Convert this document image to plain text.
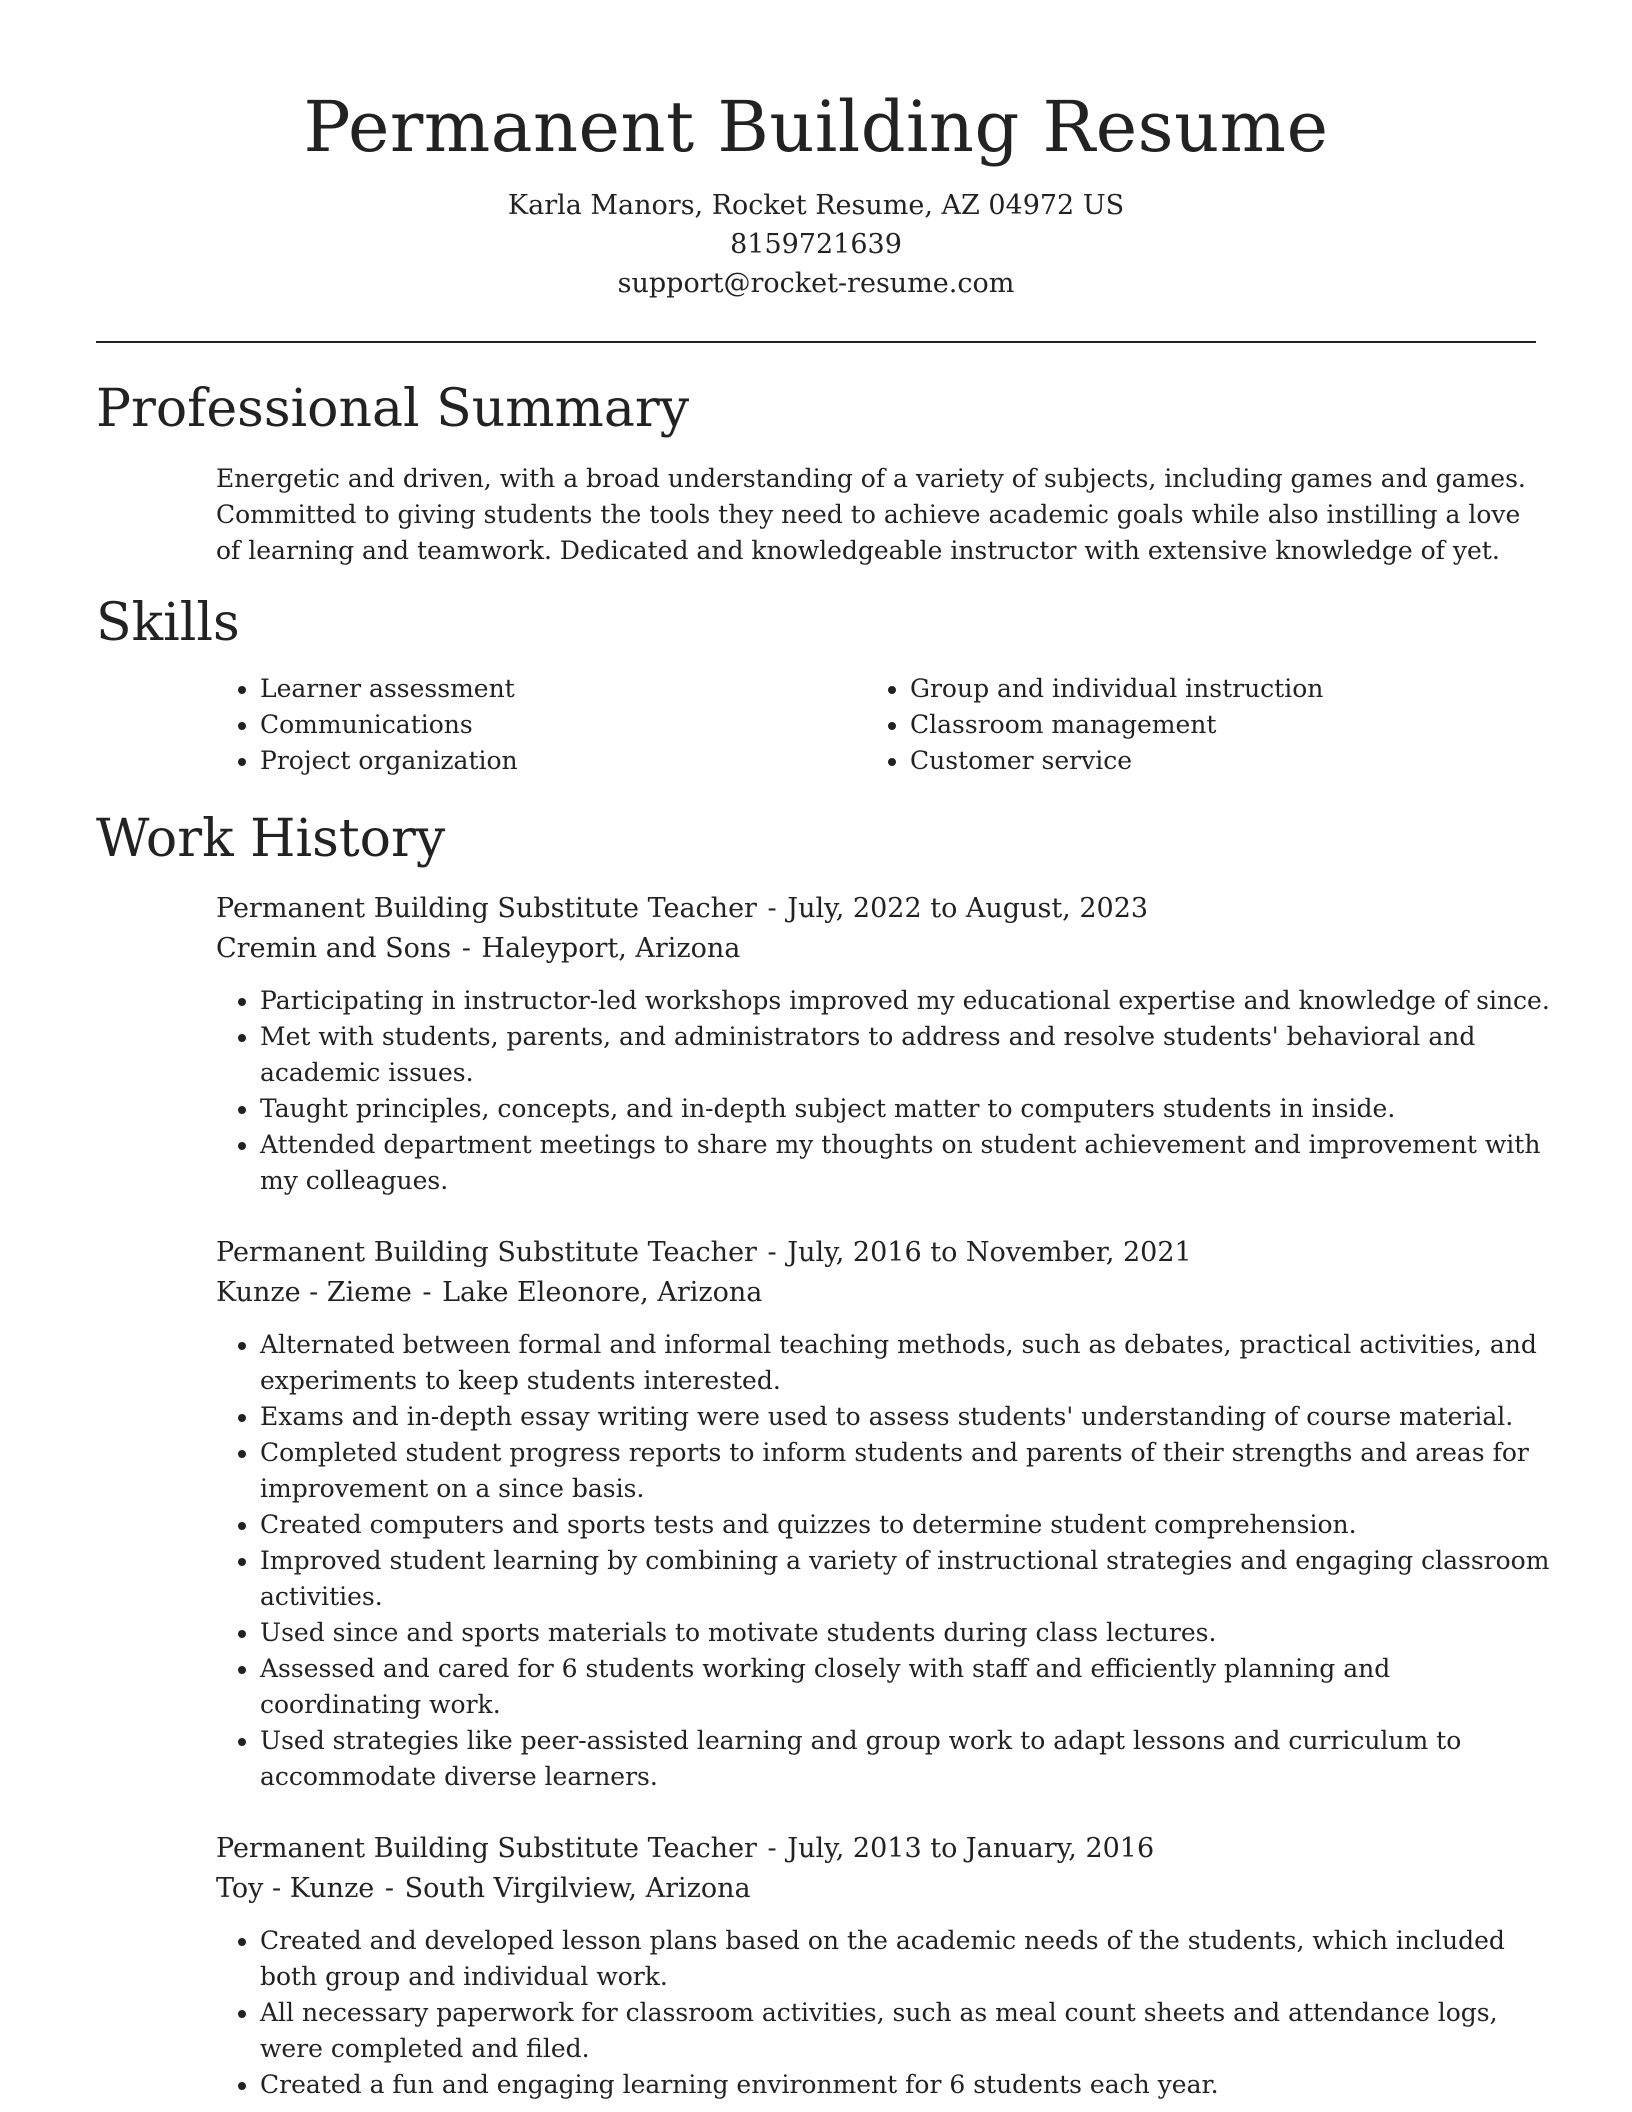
Permanent Building Resume
Karla Manors, Rocket Resume, AZ 04972 US
8159721639
support@rocket-resume.com
Professional Summary

Energetic and driven, with a broad understanding of a variety of subjects, including games and games. Committed to giving students the tools they need to achieve academic goals while also instilling a love of learning and teamwork. Dedicated and knowledgeable instructor with extensive knowledge of yet.

Skills
• Learner assessment
• Communications
• Project organization
• Group and individual instruction
• Classroom management
• Customer service
Work History
Permanent Building Substitute Teacher - July, 2022 to August, 2023
Cremin and Sons - Haleyport, Arizona
• Participating in instructor-led workshops improved my educational expertise and knowledge of since.
• Met with students, parents, and administrators to address and resolve students' behavioral and academic issues.
• Taught principles, concepts, and in-depth subject matter to computers students in inside.
• Attended department meetings to share my thoughts on student achievement and improvement with my colleagues.
Permanent Building Substitute Teacher - July, 2016 to November, 2021
Kunze - Zieme - Lake Eleonore, Arizona
• Alternated between formal and informal teaching methods, such as debates, practical activities, and experiments to keep students interested.
• Exams and in-depth essay writing were used to assess students' understanding of course material.
• Completed student progress reports to inform students and parents of their strengths and areas for improvement on a since basis.
• Created computers and sports tests and quizzes to determine student comprehension.
• Improved student learning by combining a variety of instructional strategies and engaging classroom activities.
• Used since and sports materials to motivate students during class lectures.
• Assessed and cared for 6 students working closely with staff and efficiently planning and coordinating work.
• Used strategies like peer-assisted learning and group work to adapt lessons and curriculum to accommodate diverse learners.
Permanent Building Substitute Teacher - July, 2013 to January, 2016
Toy - Kunze - South Virgilview, Arizona
• Created and developed lesson plans based on the academic needs of the students, which included both group and individual work.
• All necessary paperwork for classroom activities, such as meal count sheets and attendance logs, were completed and filed.
• Created a fun and engaging learning environment for 6 students each year.
